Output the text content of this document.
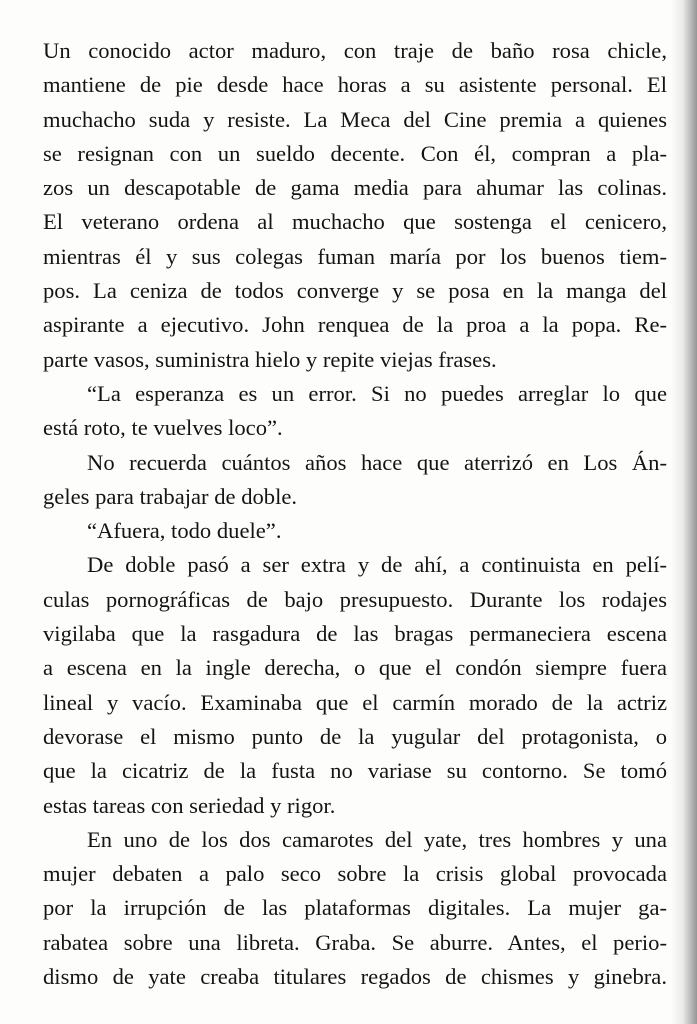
Un conocido actor maduro, con traje de baño rosa chicle,
mantiene de pie desde hace horas a su asistente personal. El
muchacho suda y resiste. La Meca del Cine premia a quienes
se resignan con un sueldo decente. Con él, compran a pla-
zos un descapotable de gama media para ahumar las colinas.
El veterano ordena al muchacho que sostenga el cenicero,
mientras él y sus colegas fuman maría por los buenos tiem-
pos. La ceniza de todos converge y se posa en la manga del
aspirante a ejecutivo. John renquea de la proa a la popa. Re-
parte vasos, suministra hielo y repite viejas frases.
“La esperanza es un error. Si no puedes arreglar lo que
está roto, te vuelves loco”.
No recuerda cuántos años hace que aterrizó en Los Án-
geles para trabajar de doble.
“Afuera, todo duele”.
De doble pasó a ser extra y de ahí, a continuista en pelí-
culas pornográficas de bajo presupuesto. Durante los rodajes
vigilaba que la rasgadura de las bragas permaneciera escena
a escena en la ingle derecha, o que el condón siempre fuera
lineal y vacío. Examinaba que el carmín morado de la actriz
devorase el mismo punto de la yugular del protagonista, o
que la cicatriz de la fusta no variase su contorno. Se tomó
estas tareas con seriedad y rigor.
En uno de los dos camarotes del yate, tres hombres y una
mujer debaten a palo seco sobre la crisis global provocada
por la irrupción de las plataformas digitales. La mujer ga-
rabatea sobre una libreta. Graba. Se aburre. Antes, el perio-
dismo de yate creaba titulares regados de chismes y ginebra.
